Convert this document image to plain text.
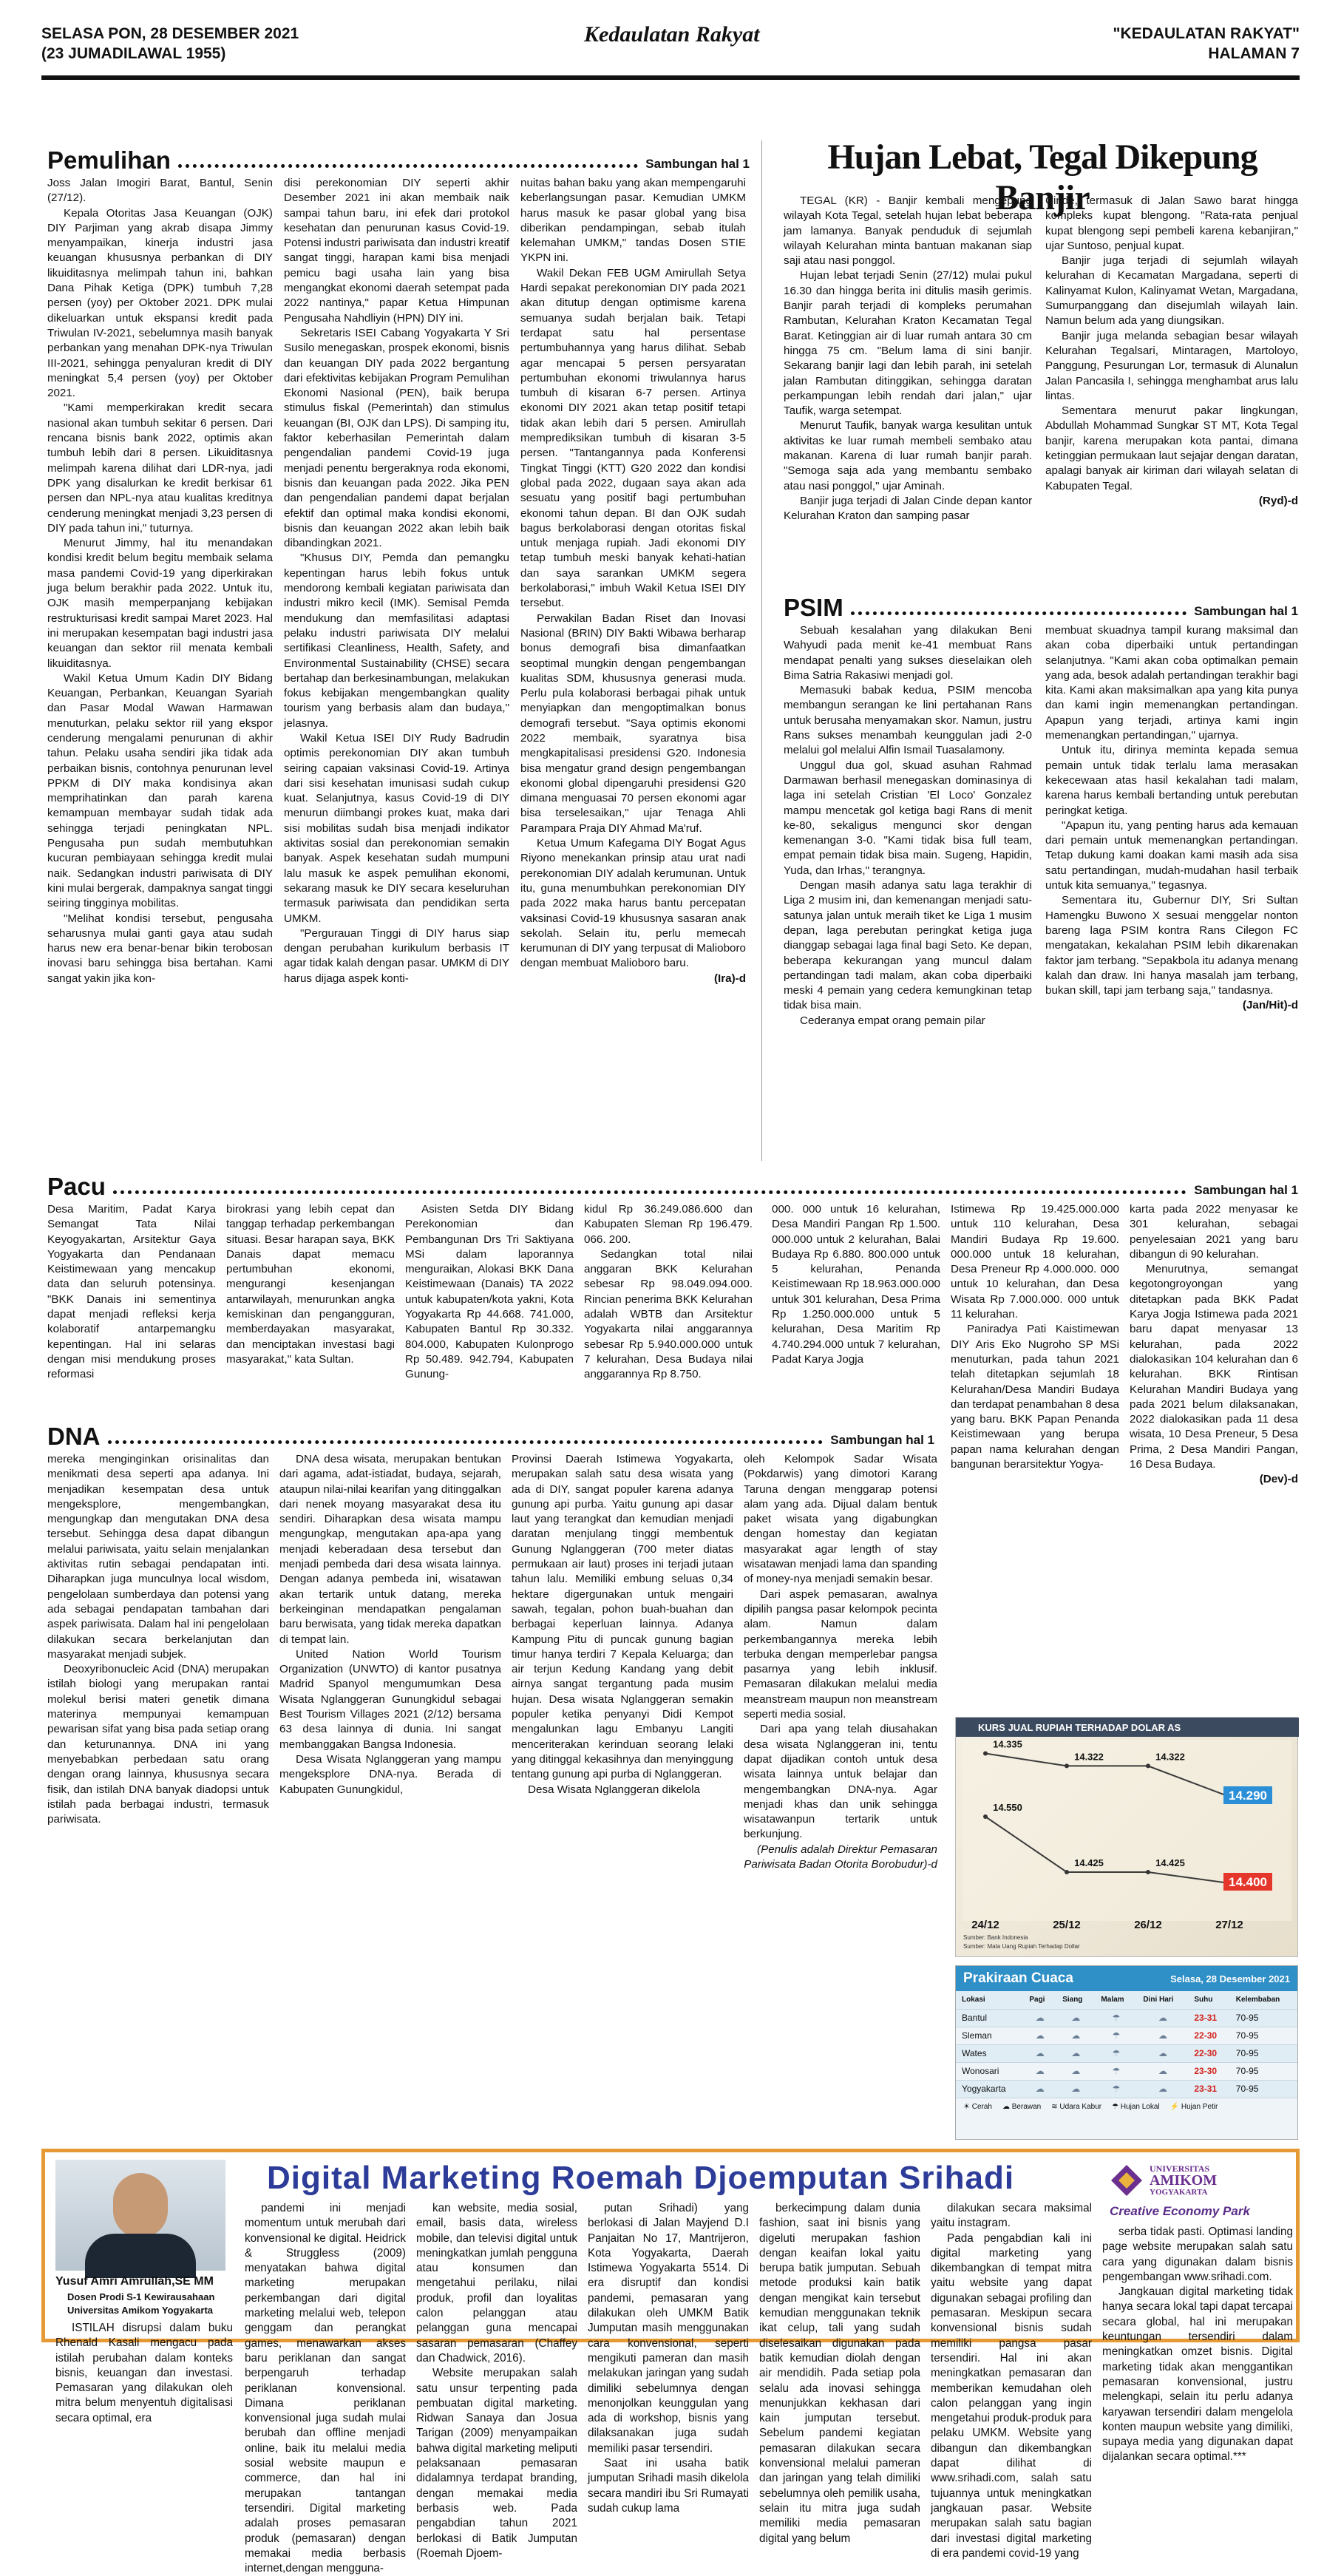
SELASA PON, 28 DESEMBER 2021
(23 JUMADILAWAL 1955)
Kedaulatan Rakyat	"KEDAULATAN RAKYAT"
HALAMAN 7
Pemulihan	Sambungan hal 1

Joss Jalan Imogiri Barat, Bantul, Senin (27/12).

Kepala Otoritas Jasa Keuangan (OJK) DIY Parjiman yang akrab disapa Jimmy menyampaikan, kinerja industri jasa keuangan khususnya perbankan di DIY likuiditasnya melimpah tahun ini, bahkan Dana Pihak Ketiga (DPK) tumbuh 7,28 persen (yoy) per Oktober 2021. DPK mulai dikeluarkan untuk ekspansi kredit pada Triwulan IV-2021, sebelumnya masih banyak perbankan yang menahan DPK-nya Triwulan III-2021, sehingga penyaluran kredit di DIY meningkat 5,4 persen (yoy) per Oktober 2021.

"Kami memperkirakan kredit secara nasional akan tumbuh sekitar 6 persen. Dari rencana bisnis bank 2022, optimis akan tumbuh lebih dari 8 persen. Likuiditasnya melimpah karena dilihat dari LDR-nya, jadi DPK yang disalurkan ke kredit berkisar 61 persen dan NPL-nya atau kualitas kreditnya cenderung meningkat menjadi 3,23 persen di DIY pada tahun ini," tuturnya.

Menurut Jimmy, hal itu menandakan kondisi kredit belum begitu membaik selama masa pandemi Covid-19 yang diperkirakan juga belum berakhir pada 2022. Untuk itu, OJK masih memperpanjang kebijakan restrukturisasi kredit sampai Maret 2023. Hal ini merupakan kesempatan bagi industri jasa keuangan dan sektor riil menata kembali likuiditasnya.

Wakil Ketua Umum Kadin DIY Bidang Keuangan, Perbankan, Keuangan Syariah dan Pasar Modal Wawan Harmawan menuturkan, pelaku sektor riil yang ekspor cenderung mengalami penurunan di akhir tahun. Pelaku usaha sendiri jika tidak ada perbaikan bisnis, contohnya penurunan level PPKM di DIY maka kondisinya akan memprihatinkan dan parah karena kemampuan membayar sudah tidak ada sehingga terjadi peningkatan NPL. Pengusaha pun sudah membutuhkan kucuran pembiayaan sehingga kredit mulai naik. Sedangkan industri pariwisata di DIY kini mulai bergerak, dampaknya sangat tinggi seiring tingginya mobilitas.

"Melihat kondisi tersebut, pengusaha seharusnya mulai ganti gaya atau sudah harus new era benar-benar bikin terobosan inovasi baru sehingga bisa bertahan. Kami sangat yakin jika kon-

disi perekonomian DIY seperti akhir Desember 2021 ini akan membaik naik sampai tahun baru, ini efek dari protokol kesehatan dan penurunan kasus Covid-19. Potensi industri pariwisata dan industri kreatif sangat tinggi, harapan kami bisa menjadi pemicu bagi usaha lain yang bisa mengangkat ekonomi daerah setempat pada 2022 nantinya," papar Ketua Himpunan Pengusaha Nahdliyin (HPN) DIY ini.

Sekretaris ISEI Cabang Yogyakarta Y Sri Susilo menegaskan, prospek ekonomi, bisnis dan keuangan DIY pada 2022 bergantung dari efektivitas kebijakan Program Pemulihan Ekonomi Nasional (PEN), baik berupa stimulus fiskal (Pemerintah) dan stimulus keuangan (BI, OJK dan LPS). Di samping itu, faktor keberhasilan Pemerintah dalam pengendalian pandemi Covid-19 juga menjadi penentu bergeraknya roda ekonomi, bisnis dan keuangan pada 2022. Jika PEN dan pengendalian pandemi dapat berjalan efektif dan optimal maka kondisi ekonomi, bisnis dan keuangan 2022 akan lebih baik dibandingkan 2021.

"Khusus DIY, Pemda dan pemangku kepentingan harus lebih fokus untuk mendorong kembali kegiatan pariwisata dan industri mikro kecil (IMK). Semisal Pemda mendukung dan memfasilitasi adaptasi pelaku industri pariwisata DIY melalui sertifikasi Cleanliness, Health, Safety, and Environmental Sustainability (CHSE) secara bertahap dan berkesinambungan, melakukan fokus kebijakan mengembangkan quality tourism yang berbasis alam dan budaya," jelasnya.

Wakil Ketua ISEI DIY Rudy Badrudin optimis perekonomian DIY akan tumbuh seiring capaian vaksinasi Covid-19. Artinya dari sisi kesehatan imunisasi sudah cukup kuat. Selanjutnya, kasus Covid-19 di DIY menurun diimbangi prokes kuat, maka dari sisi mobilitas sudah bisa menjadi indikator aktivitas sosial dan perekonomian semakin banyak. Aspek kesehatan sudah mumpuni lalu masuk ke aspek pemulihan ekonomi, sekarang masuk ke DIY secara keseluruhan termasuk pariwisata dan pendidikan serta UMKM.

"Pergurauan Tinggi di DIY harus siap dengan perubahan kurikulum berbasis IT agar tidak kalah dengan pasar. UMKM di DIY harus dijaga aspek konti-

nuitas bahan baku yang akan mempengaruhi keberlangsungan pasar. Kemudian UMKM harus masuk ke pasar global yang bisa diberikan pendampingan, sebab itulah kelemahan UMKM," tandas Dosen STIE YKPN ini.

Wakil Dekan FEB UGM Amirullah Setya Hardi sepakat perekonomian DIY pada 2021 akan ditutup dengan optimisme karena semuanya sudah berjalan baik. Tetapi terdapat satu hal persentase pertumbuhannya yang harus dilihat. Sebab agar mencapai 5 persen persyaratan pertumbuhan ekonomi triwulannya harus tumbuh di kisaran 6-7 persen. Artinya ekonomi DIY 2021 akan tetap positif tetapi tidak akan lebih dari 5 persen. Amirullah memprediksikan tumbuh di kisaran 3-5 persen. "Tantangannya pada Konferensi Tingkat Tinggi (KTT) G20 2022 dan kondisi global pada 2022, dugaan saya akan ada sesuatu yang positif bagi pertumbuhan ekonomi tahun depan. BI dan OJK sudah bagus berkolaborasi dengan otoritas fiskal untuk menjaga rupiah. Jadi ekonomi DIY tetap tumbuh meski banyak kehati-hatian dan saya sarankan UMKM segera berkolaborasi," imbuh Wakil Ketua ISEI DIY tersebut.

Perwakilan Badan Riset dan Inovasi Nasional (BRIN) DIY Bakti Wibawa berharap bonus demografi bisa dimanfaatkan seoptimal mungkin dengan pengembangan kualitas SDM, khususnya generasi muda. Perlu pula kolaborasi berbagai pihak untuk menyiapkan dan mengoptimalkan bonus demografi tersebut. "Saya optimis ekonomi 2022 membaik, syaratnya bisa mengkapitalisasi presidensi G20. Indonesia bisa mengatur grand design pengembangan ekonomi global dipengaruhi presidensi G20 dimana menguasai 70 persen ekonomi agar bisa terselesaikan," ujar Tenaga Ahli Parampara Praja DIY Ahmad Ma'ruf.

Ketua Umum Kafegama DIY Bogat Agus Riyono menekankan prinsip atau urat nadi perekonomian DIY adalah kerumunan. Untuk itu, guna menumbuhkan perekonomian DIY pada 2022 maka harus bantu percepatan vaksinasi Covid-19 khususnya sasaran anak sekolah. Selain itu, perlu memecah kerumunan di DIY yang terpusat di Malioboro dengan membuat Malioboro baru.

(Ira)-d
Hujan Lebat, Tegal Dikepung Banjir

TEGAL (KR) - Banjir kembali mengepung wilayah Kota Tegal, setelah hujan lebat beberapa jam lamanya. Banyak penduduk di sejumlah wilayah Kelurahan minta bantuan makanan siap saji atau nasi ponggol.

Hujan lebat terjadi Senin (27/12) mulai pukul 16.30 dan hingga berita ini ditulis masih gerimis. Banjir parah terjadi di kompleks perumahan Rambutan, Kelurahan Kraton Kecamatan Tegal Barat. Ketinggian air di luar rumah antara 30 cm hingga 75 cm. "Belum lama di sini banjir. Sekarang banjir lagi dan lebih parah, ini setelah jalan Rambutan ditinggikan, sehingga daratan perkampungan lebih rendah dari jalan," ujar Taufik, warga setempat.

Menurut Taufik, banyak warga kesulitan untuk aktivitas ke luar rumah membeli sembako atau makanan. Karena di luar rumah banjir parah. "Semoga saja ada yang membantu sembako atau nasi ponggol," ujar Aminah.

Banjir juga terjadi di Jalan Cinde depan kantor Kelurahan Kraton dan samping pasar

Cinde, termasuk di Jalan Sawo barat hingga kompleks kupat blengong. "Rata-rata penjual kupat blengong sepi pembeli karena kebanjiran," ujar Suntoso, penjual kupat.

Banjir juga terjadi di sejumlah wilayah kelurahan di Kecamatan Margadana, seperti di Kalinyamat Kulon, Kalinyamat Wetan, Margadana, Sumurpanggang dan disejumlah wilayah lain. Namun belum ada yang diungsikan.

Banjir juga melanda sebagian besar wilayah Kelurahan Tegalsari, Mintaragen, Martoloyo, Panggung, Pesurungan Lor, termasuk di Alunalun Jalan Pancasila I, sehingga menghambat arus lalu lintas.

Sementara menurut pakar lingkungan, Abdullah Mohammad Sungkar ST MT, Kota Tegal banjir, karena merupakan kota pantai, dimana ketinggian permukaan laut sejajar dengan daratan, apalagi banyak air kiriman dari wilayah selatan di Kabupaten Tegal.

(Ryd)-d
PSIM	Sambungan hal 1

Sebuah kesalahan yang dilakukan Beni Wahyudi pada menit ke-41 membuat Rans mendapat penalti yang sukses dieselaikan oleh Bima Satria Rakasiwi menjadi gol.

Memasuki babak kedua, PSIM mencoba membangun serangan ke lini pertahanan Rans untuk berusaha menyamakan skor. Namun, justru Rans sukses menambah keunggulan jadi 2-0 melalui gol melalui Alfin Ismail Tuasalamony.

Unggul dua gol, skuad asuhan Rahmad Darmawan berhasil menegaskan dominasinya di laga ini setelah Cristian 'El Loco' Gonzalez mampu mencetak gol ketiga bagi Rans di menit ke-80, sekaligus mengunci skor dengan kemenangan 3-0. "Kami tidak bisa full team, empat pemain tidak bisa main. Sugeng, Hapidin, Yuda, dan Irhas," terangnya.

Dengan masih adanya satu laga terakhir di Liga 2 musim ini, dan kemenangan menjadi satu-satunya jalan untuk meraih tiket ke Liga 1 musim depan, laga perebutan peringkat ketiga juga dianggap sebagai laga final bagi Seto. Ke depan, beberapa kekurangan yang muncul dalam pertandingan tadi malam, akan coba diperbaiki meski 4 pemain yang cedera kemungkinan tetap tidak bisa main.

Cederanya empat orang pemain pilar

membuat skuadnya tampil kurang maksimal dan akan coba diperbaiki untuk pertandingan selanjutnya. "Kami akan coba optimalkan pemain yang ada, besok adalah pertandingan terakhir bagi kita. Kami akan maksimalkan apa yang kita punya dan kami ingin memenangkan pertandingan. Apapun yang terjadi, artinya kami ingin memenangkan pertandingan," ujarnya.

Untuk itu, dirinya meminta kepada semua pemain untuk tidak terlalu lama merasakan kekecewaan atas hasil kekalahan tadi malam, karena harus kembali bertanding untuk perebutan peringkat ketiga.

"Apapun itu, yang penting harus ada kemauan dari pemain untuk memenangkan pertandingan. Tetap dukung kami doakan kami masih ada sisa satu pertandingan, mudah-mudahan hasil terbaik untuk kita semuanya," tegasnya.

Sementara itu, Gubernur DIY, Sri Sultan Hamengku Buwono X sesuai menggelar nonton bareng laga PSIM kontra Rans Cilegon FC mengatakan, kekalahan PSIM lebih dikarenakan faktor jam terbang. "Sepakbola itu adanya menang kalah dan draw. Ini hanya masalah jam terbang, bukan skill, tapi jam terbang saja," tandasnya.

(Jan/Hit)-d
Pacu	Sambungan hal 1

Desa Maritim, Padat Karya Semangat Tata Nilai Keyogyakartan, Arsitektur Gaya Yogyakarta dan Pendanaan Keistimewaan yang mencakup data dan seluruh potensinya. "BKK Danais ini sementinya dapat menjadi refleksi kerja kolaboratif antarpemangku kepentingan. Hal ini selaras dengan misi mendukung proses reformasi

birokrasi yang lebih cepat dan tanggap terhadap perkembangan situasi. Besar harapan saya, BKK Danais dapat memacu pertumbuhan ekonomi, mengurangi kesenjangan antarwilayah, menurunkan angka kemiskinan dan pengangguran, memberdayakan masyarakat, dan menciptakan investasi bagi masyarakat," kata Sultan.

Asisten Setda DIY Bidang Perekonomian dan Pembangunan Drs Tri Saktiyana MSi dalam laporannya menguraikan, Alokasi BKK Dana Keistimewaan (Danais) TA 2022 untuk kabupaten/kota yakni, Kota Yogyakarta Rp 44.668. 741.000, Kabupaten Bantul Rp 30.332. 804.000, Kabupaten Kulonprogo Rp 50.489. 942.794, Kabupaten Gunung-

kidul Rp 36.249.086.600 dan Kabupaten Sleman Rp 196.479. 066. 200.

Sedangkan total nilai anggaran BKK Kelurahan sebesar Rp 98.049.094.000. Rincian penerima BKK Kelurahan adalah WBTB dan Arsitektur Yogyakarta nilai anggarannya sebesar Rp 5.940.000.000 untuk 7 kelurahan, Desa Budaya nilai anggarannya Rp 8.750.

000. 000 untuk 16 kelurahan, Desa Mandiri Pangan Rp 1.500. 000.000 untuk 2 kelurahan, Balai Budaya Rp 6.880. 800.000 untuk 5 kelurahan, Penanda Keistimewaan Rp 18.963.000.000 untuk 301 kelurahan, Desa Prima Rp 1.250.000.000 untuk 5 kelurahan, Desa Maritim Rp 4.740.294.000 untuk 7 kelurahan, Padat Karya Jogja

Istimewa Rp 19.425.000.000 untuk 110 kelurahan, Desa Mandiri Budaya Rp 19.600. 000.000 untuk 18 kelurahan, Desa Preneur Rp 4.000.000. 000 untuk 10 kelurahan, dan Desa Wisata Rp 7.000.000. 000 untuk 11 kelurahan.

Paniradya Pati Kaistimewan DIY Aris Eko Nugroho SP MSi menuturkan, pada tahun 2021 telah ditetapkan sejumlah 18 Kelurahan/Desa Mandiri Budaya dan terdapat penambahan 8 desa yang baru. BKK Papan Penanda Keistimewaan yang berupa papan nama kelurahan dengan bangunan berarsitektur Yogya-

karta pada 2022 menyasar ke 301 kelurahan, sebagai penyelesaian 2021 yang baru dibangun di 90 kelurahan.

Menurutnya, semangat kegotongroyongan yang ditetapkan pada BKK Padat Karya Jogja Istimewa pada 2021 baru dapat menyasar 13 kelurahan, pada 2022 dialokasikan 104 kelurahan dan 6 kelurahan. BKK Rintisan Kelurahan Mandiri Budaya yang pada 2021 belum dilaksanakan, 2022 dialokasikan pada 11 desa wisata, 10 Desa Preneur, 5 Desa Prima, 2 Desa Mandiri Pangan, 16 Desa Budaya.

(Dev)-d
DNA	Sambungan hal 1

mereka menginginkan orisinalitas dan menikmati desa seperti apa adanya. Ini menjadikan kesempatan desa untuk mengeksplore, mengembangkan, mengungkap dan mengutakan DNA desa tersebut. Sehingga desa dapat dibangun melalui pariwisata, yaitu selain menjalankan aktivitas rutin sebagai pendapatan inti. Diharapkan juga munculnya local wisdom, pengelolaan sumberdaya dan potensi yang ada sebagai pendapatan tambahan dari aspek pariwisata. Dalam hal ini pengelolaan dilakukan secara berkelanjutan dan masyarakat menjadi subjek.

Deoxyribonucleic Acid (DNA) merupakan istilah biologi yang merupakan rantai molekul berisi materi genetik dimana materinya mempunyai kemampuan pewarisan sifat yang bisa pada setiap orang dan keturunannya. DNA ini yang menyebabkan perbedaan satu orang dengan orang lainnya, khususnya secara fisik, dan istilah DNA banyak diadopsi untuk istilah pada berbagai industri, termasuk pariwisata.

DNA desa wisata, merupakan bentukan dari agama, adat-istiadat, budaya, sejarah, ataupun nilai-nilai kearifan yang ditinggalkan dari nenek moyang masyarakat desa itu sendiri. Diharapkan desa wisata mampu mengungkap, mengutakan apa-apa yang menjadi keberadaan desa tersebut dan menjadi pembeda dari desa wisata lainnya. Dengan adanya pembeda ini, wisatawan akan tertarik untuk datang, mereka berkeinginan mendapatkan pengalaman baru berwisata, yang tidak mereka dapatkan di tempat lain.

United Nation World Tourism Organization (UNWTO) di kantor pusatnya Madrid Spanyol mengumumkan Desa Wisata Nglanggeran Gunungkidul sebagai Best Tourism Villages 2021 (2/12) bersama 63 desa lainnya di dunia. Ini sangat membanggakan Bangsa Indonesia.

Desa Wisata Nglanggeran yang mampu mengeksplore DNA-nya. Berada di Kabupaten Gunungkidul,

Provinsi Daerah Istimewa Yogyakarta, merupakan salah satu desa wisata yang ada di DIY, sangat populer karena adanya gunung api purba. Yaitu gunung api dasar laut yang terangkat dan kemudian menjadi daratan menjulang tinggi membentuk Gunung Nglanggeran (700 meter diatas permukaan air laut) proses ini terjadi jutaan tahun lalu. Memiliki embung seluas 0,34 hektare digergunakan untuk mengairi sawah, tegalan, pohon buah-buahan dan berbagai keperluan lainnya. Adanya Kampung Pitu di puncak gunung bagian timur hanya terdiri 7 Kepala Keluarga; dan air terjun Kedung Kandang yang debit airnya sangat tergantung pada musim hujan. Desa wisata Nglanggeran semakin populer ketika penyanyi Didi Kempot mengalunkan lagu Embanyu Langiti menceriterakan kerinduan seorang lelaki yang ditinggal kekasihnya dan menyinggung tentang gunung api purba di Nglanggeran.

Desa Wisata Nglanggeran dikelola

oleh Kelompok Sadar Wisata (Pokdarwis) yang dimotori Karang Taruna dengan menggarap potensi alam yang ada. Dijual dalam bentuk paket wisata yang digabungkan dengan homestay dan kegiatan masyarakat agar length of stay wisatawan menjadi lama dan spanding of money-nya menjadi semakin besar.

Dari aspek pemasaran, awalnya dipilih pangsa pasar kelompok pecinta alam. Namun dalam perkembangannya mereka lebih terbuka dengan memperlebar pangsa pasarnya yang lebih inklusif. Pemasaran dilakukan melalui media meanstream maupun non meanstream seperti media sosial.

Dari apa yang telah diusahakan desa wisata Nglanggeran ini, tentu dapat dijadikan contoh untuk desa wisata lainnya untuk belajar dan mengembangkan DNA-nya. Agar menjadi khas dan unik sehingga wisatawanpun tertarik untuk berkunjung.

(Penulis adalah Direktur Pemasaran Pariwisata Badan Otorita Borobudur)-d
KURS JUAL RUPIAH TERHADAP DOLAR AS
14.335
14.322	14.322
14.290
14.550
14.425	14.425
14.400
24/12	25/12	26/12	27/12
Sumber: Bank Indonesia
Sumber: Mata Uang Rupiah Terhadap Dollar
Prakiraan Cuaca	Selasa, 28 Desember 2021
Lokasi	Pagi	Siang	Malam	Dini Hari	Suhu	Kelembaban
Bantul	☁	☁	☂	☁	23-31	70-95
Sleman	☁	☁	☂	☁	22-30	70-95
Wates	☁	☁	☂	☁	22-30	70-95
Wonosari	☁	☁	☂	☁	23-30	70-95
Yogyakarta	☁	☁	☂	☁	23-31	70-95
☀ Cerah ☁ Berawan ≋ Udara Kabur ☂ Hujan Lokal ⚡ Hujan Petir
Digital Marketing Roemah Djoemputan Srihadi
Yusuf Amri Amrullah,SE MM
Dosen Prodi S-1 Kewirausahaan
Universitas Amikom Yogyakarta

ISTILAH disrupsi dalam buku Rhenald Kasali mengacu pada istilah perubahan dalam konteks bisnis, keuangan dan investasi. Pemasaran yang dilakukan oleh mitra belum menyentuh digitalisasi secara optimal, era

pandemi ini menjadi momentum untuk merubah dari konvensional ke digital. Heidrick & Struggless (2009) menyatakan bahwa digital marketing merupakan perkembangan dari digital marketing melalui web, telepon genggam dan perangkat games, menawarkan akses baru periklanan dan sangat berpengaruh terhadap periklanan konvensional. Dimana periklanan konvensional juga sudah mulai berubah dan offline menjadi online, baik itu melalui media sosial website maupun e commerce, dan hal ini merupakan tantangan tersendiri. Digital marketing adalah proses pemasaran produk (pemasaran) dengan memakai media berbasis internet,dengan mengguna-

kan website, media sosial, email, basis data, wireless mobile, dan televisi digital untuk meningkatkan jumlah pengguna atau konsumen dan mengetahui perilaku, nilai produk, profil dan loyalitas calon pelanggan atau pelanggan guna mencapai sasaran pemasaran (Chaffey dan Chadwick, 2016).

Website merupakan salah satu unsur terpenting pada pembuatan digital marketing. Ridwan Sanaya dan Josua Tarigan (2009) menyampaikan bahwa digital marketing meliputi pelaksanaan pemasaran didalamnya terdapat branding, dengan memakai media berbasis web. Pada pengabdian tahun 2021 berlokasi di Batik Jumputan (Roemah Djoem-

putan Srihadi) yang berlokasi di Jalan Mayjend D.I Panjaitan No 17, Mantrijeron, Kota Yogyakarta, Daerah Istimewa Yogyakarta 5514. Di era disruptif dan kondisi pandemi, pemasaran yang dilakukan oleh UMKM Batik Jumputan masih menggunakan cara konvensional, seperti mengikuti pameran dan masih melakukan jaringan yang sudah dimiliki sebelumnya dengan menonjolkan keunggulan yang ada di workshop, bisnis yang dilaksanakan juga sudah memiliki pasar tersendiri.

Saat ini usaha batik jumputan Srihadi masih dikelola secara mandiri ibu Sri Rumayati sudah cukup lama

berkecimpung dalam dunia fashion, saat ini bisnis yang digeluti merupakan fashion dengan keaifan lokal yaitu berupa batik jumputan. Sebuah metode produksi kain batik dengan mengikat kain tersebut kemudian menggunakan teknik ikat celup, tali yang sudah diselesaikan digunakan pada batik kemudian diolah dengan air mendidih. Pada setiap pola selalu ada inovasi sehingga menunjukkan kekhasan dari kain jumputan tersebut. Sebelum pandemi kegiatan pemasaran dilakukan secara konvensional melalui pameran dan jaringan yang telah dimiliki sebelumnya oleh pemilik usaha, selain itu mitra juga sudah memiliki media pemasaran digital yang belum

dilakukan secara maksimal yaitu instagram.

Pada pengabdian kali ini digital marketing yang dikembangkan di tempat mitra yaitu website yang dapat digunakan sebagai profiling dan pemasaran. Meskipun secara konvensional bisnis sudah memiliki pangsa pasar tersendiri. Hal ini akan meningkatkan pemasaran dan memberikan kemudahan oleh calon pelanggan yang ingin mengetahui produk-produk para pelaku UMKM. Website yang dibangun dan dikembangkan dapat dilihat di www.srihadi.com, salah satu tujuannya untuk meningkatkan jangkauan pasar. Website merupakan salah satu bagian dari investasi digital marketing di era pandemi covid-19 yang

UNIVERSITAS
AMIKOM
YOGYAKARTA
Creative Economy Park

serba tidak pasti. Optimasi landing page website merupakan salah satu cara yang digunakan dalam bisnis pengembangan www.srihadi.com.

Jangkauan digital marketing tidak hanya secara lokal tapi dapat tercapai secara global, hal ini merupakan keuntungan tersendiri dalam meningkatkan omzet bisnis. Digital marketing tidak akan menggantikan pemasaran konvensional, justru melengkapi, selain itu perlu adanya karyawan tersendiri dalam mengelola konten maupun website yang dimiliki, supaya media yang digunakan dapat dijalankan secara optimal.***
